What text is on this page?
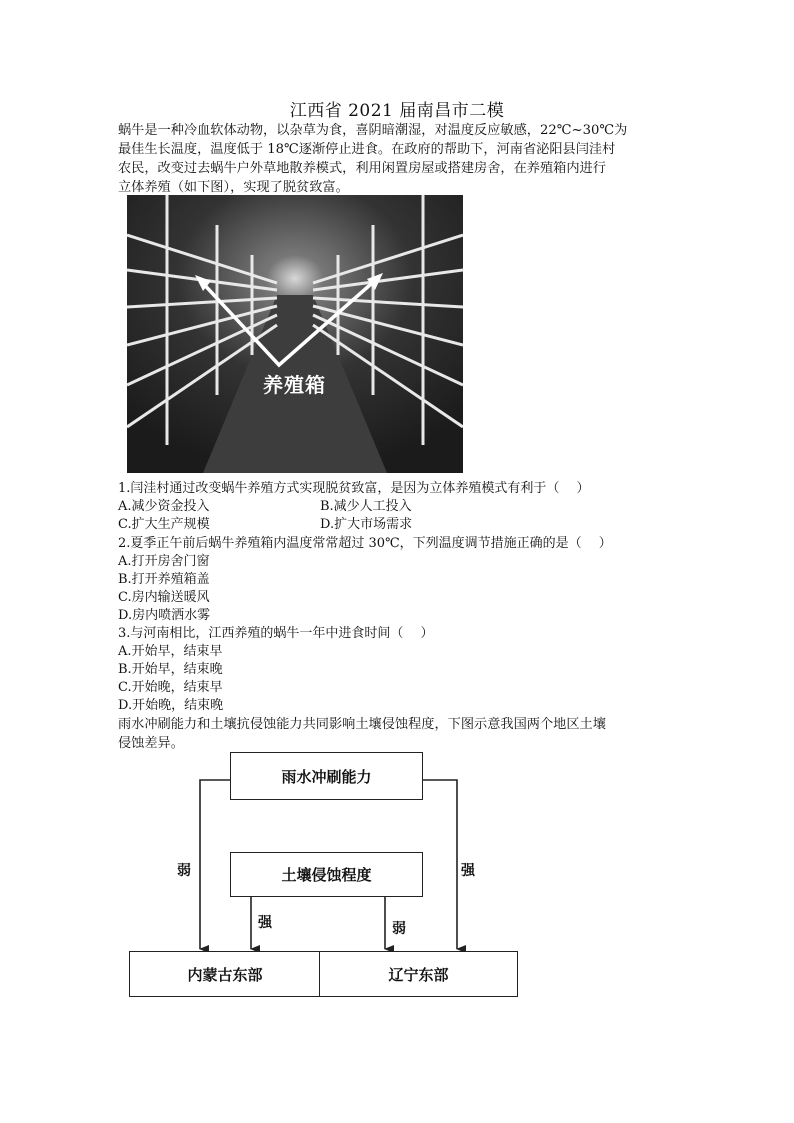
江西省 2021 届南昌市二模
蜗牛是一种冷血软体动物，以杂草为食，喜阴暗潮湿，对温度反应敏感，22℃~30℃为
最佳生长温度，温度低于 18℃逐渐停止进食。在政府的帮助下，河南省泌阳县闫洼村
农民，改变过去蜗牛户外草地散养模式，利用闲置房屋或搭建房舍，在养殖箱内进行
立体养殖（如下图），实现了脱贫致富。
养殖箱
1.闫洼村通过改变蜗牛养殖方式实现脱贫致富，是因为立体养殖模式有利于（　 ）
A.减少资金投入	B.减少人工投入
C.扩大生产规模	D.扩大市场需求
2.夏季正午前后蜗牛养殖箱内温度常常超过 30℃，下列温度调节措施正确的是（　 ）
A.打开房舍门窗
B.打开养殖箱盖
C.房内输送暖风
D.房内喷洒水雾
3.与河南相比，江西养殖的蜗牛一年中进食时间（　 ）
A.开始早，结束早
B.开始早，结束晚
C.开始晚，结束早
D.开始晚，结束晚
雨水冲刷能力和土壤抗侵蚀能力共同影响土壤侵蚀程度，下图示意我国两个地区土壤
侵蚀差异。
雨水冲刷能力
土壤侵蚀程度
内蒙古东部	辽宁东部
弱
强	弱
强
